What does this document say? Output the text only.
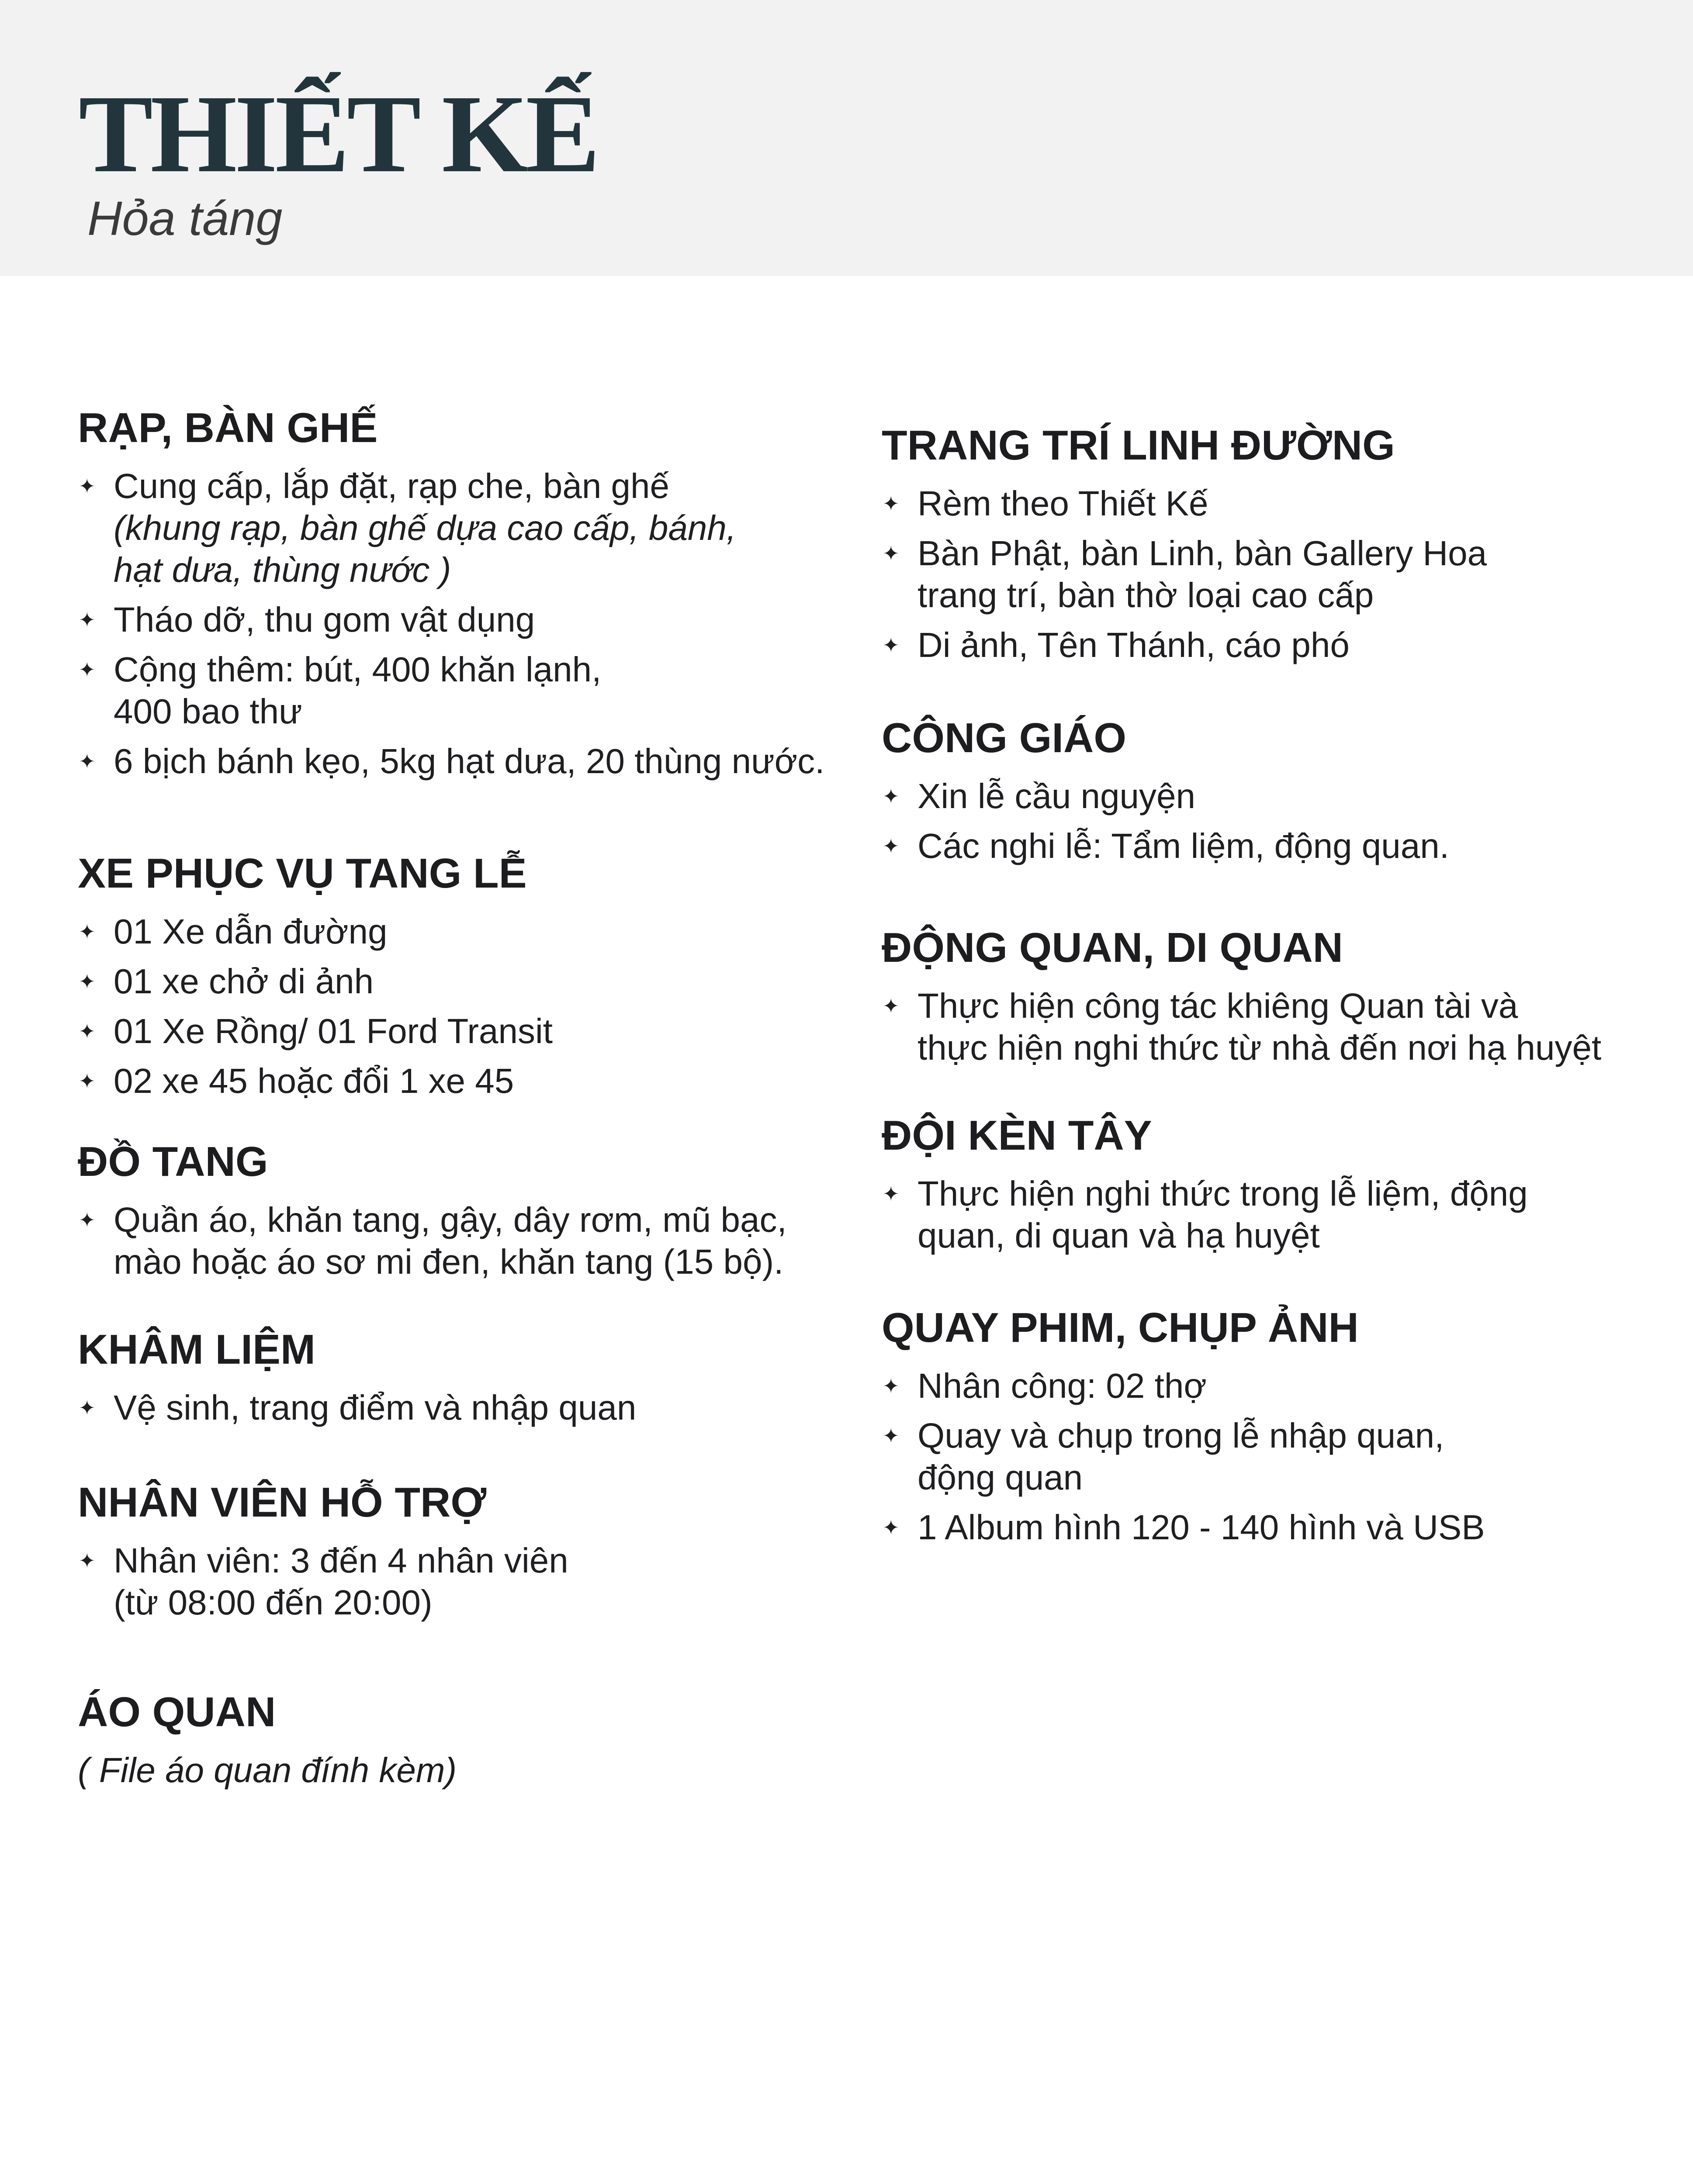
THIẾT KẾ
Hỏa táng
RẠP, BÀN GHẾ
✦ Cung cấp, lắp đặt, rạp che, bàn ghế
(khung rạp, bàn ghế dựa cao cấp, bánh,
hạt dưa, thùng nước )
✦ Tháo dỡ, thu gom vật dụng
✦ Cộng thêm: bút, 400 khăn lạnh,
400 bao thư
✦ 6 bịch bánh kẹo, 5kg hạt dưa, 20 thùng nước.
XE PHỤC VỤ TANG LỄ
✦ 01 Xe dẫn đường
✦ 01 xe chở di ảnh
✦ 01 Xe Rồng/ 01 Ford Transit
✦ 02 xe 45 hoặc đổi 1 xe 45
ĐỒ TANG
✦ Quần áo, khăn tang, gậy, dây rơm, mũ bạc,
mào hoặc áo sơ mi đen, khăn tang (15 bộ).
KHÂM LIỆM
✦ Vệ sinh, trang điểm và nhập quan
NHÂN VIÊN HỖ TRỢ
✦ Nhân viên: 3 đến 4 nhân viên
(từ 08:00 đến 20:00)
ÁO QUAN
( File áo quan đính kèm)
TRANG TRÍ LINH ĐƯỜNG
✦ Rèm theo Thiết Kế
✦ Bàn Phật, bàn Linh, bàn Gallery Hoa
trang trí, bàn thờ loại cao cấp
✦ Di ảnh, Tên Thánh, cáo phó
CÔNG GIÁO
✦ Xin lễ cầu nguyện
✦ Các nghi lễ: Tẩm liệm, động quan.
ĐỘNG QUAN, DI QUAN
✦ Thực hiện công tác khiêng Quan tài và
thực hiện nghi thức từ nhà đến nơi hạ huyệt
ĐỘI KÈN TÂY
✦ Thực hiện nghi thức trong lễ liệm, động
quan, di quan và hạ huyệt
QUAY PHIM, CHỤP ẢNH
✦ Nhân công: 02 thợ
✦ Quay và chụp trong lễ nhập quan,
động quan
✦ 1 Album hình 120 - 140 hình và USB
